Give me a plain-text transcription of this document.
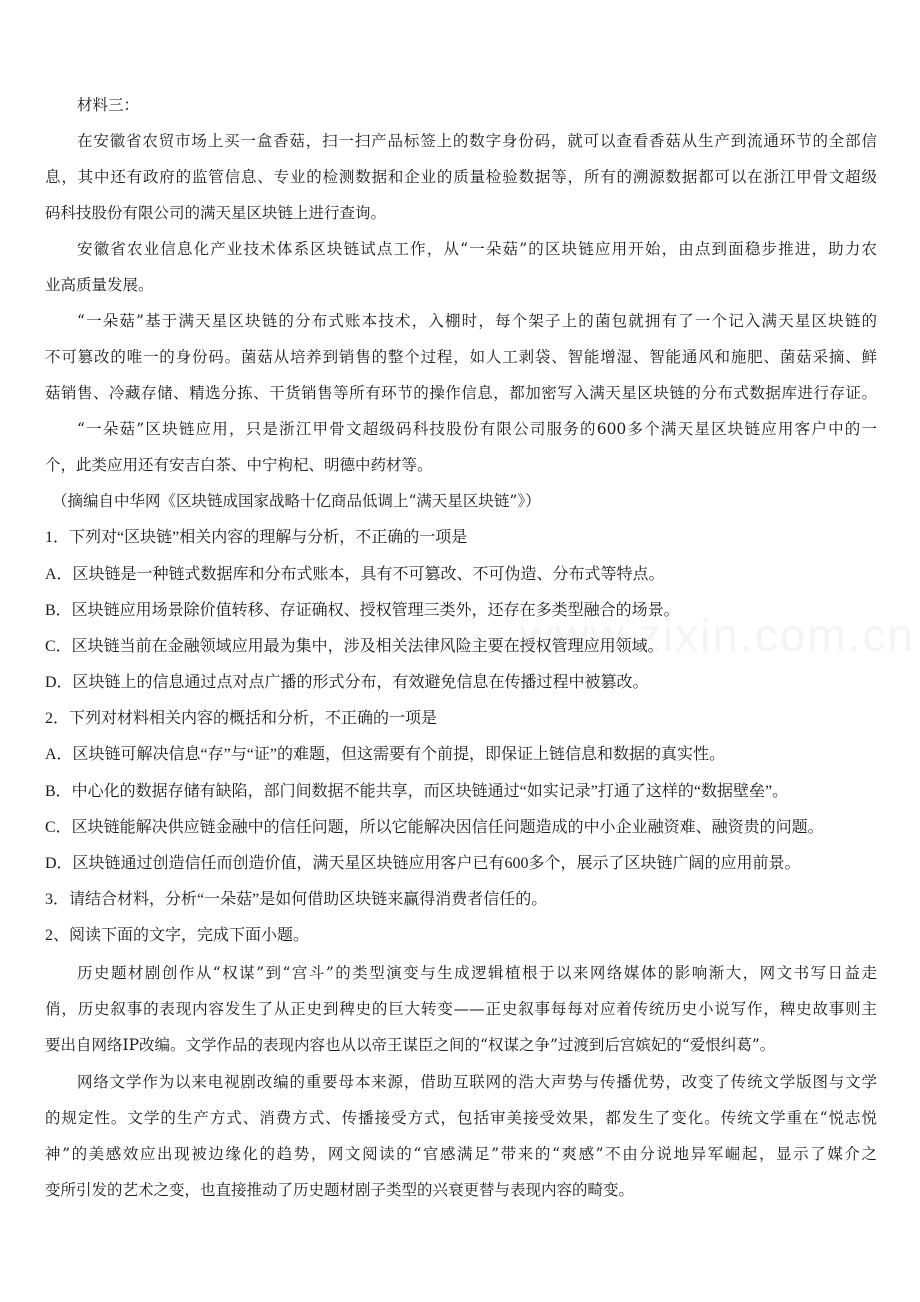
www.zixin.com.cn
材料三：
在安徽省农贸市场上买一盒香菇，扫一扫产品标签上的数字身份码，就可以查看香菇从生产到流通环节的全部信
息，其中还有政府的监管信息、专业的检测数据和企业的质量检验数据等，所有的溯源数据都可以在浙江甲骨文超级
码科技股份有限公司的满天星区块链上进行查询。
安徽省农业信息化产业技术体系区块链试点工作，从“一朵菇”的区块链应用开始，由点到面稳步推进，助力农
业高质量发展。
“一朵菇”基于满天星区块链的分布式账本技术，入棚时，每个架子上的菌包就拥有了一个记入满天星区块链的
不可篡改的唯一的身份码。菌菇从培养到销售的整个过程，如人工剥袋、智能增湿、智能通风和施肥、菌菇采摘、鲜
菇销售、冷藏存储、精选分拣、干货销售等所有环节的操作信息，都加密写入满天星区块链的分布式数据库进行存证。
“一朵菇”区块链应用，只是浙江甲骨文超级码科技股份有限公司服务的600多个满天星区块链应用客户中的一
个，此类应用还有安吉白茶、中宁枸杞、明德中药材等。
（摘编自中华网《区块链成国家战略十亿商品低调上“满天星区块链”》）
1．下列对“区块链”相关内容的理解与分析，不正确的一项是
A．区块链是一种链式数据库和分布式账本，具有不可篡改、不可伪造、分布式等特点。
B．区块链应用场景除价值转移、存证确权、授权管理三类外，还存在多类型融合的场景。
C．区块链当前在金融领域应用最为集中，涉及相关法律风险主要在授权管理应用领域。
D．区块链上的信息通过点对点广播的形式分布，有效避免信息在传播过程中被篡改。
2．下列对材料相关内容的概括和分析，不正确的一项是
A．区块链可解决信息“存”与“证”的难题，但这需要有个前提，即保证上链信息和数据的真实性。
B．中心化的数据存储有缺陷，部门间数据不能共享，而区块链通过“如实记录”打通了这样的“数据壁垒”。
C．区块链能解决供应链金融中的信任问题，所以它能解决因信任问题造成的中小企业融资难、融资贵的问题。
D．区块链通过创造信任而创造价值，满天星区块链应用客户已有600多个，展示了区块链广阔的应用前景。
3．请结合材料，分析“一朵菇”是如何借助区块链来赢得消费者信任的。
2、阅读下面的文字，完成下面小题。
历史题材剧创作从“权谋”到“宫斗”的类型演变与生成逻辑植根于以来网络媒体的影响渐大，网文书写日益走
俏，历史叙事的表现内容发生了从正史到稗史的巨大转变——正史叙事每每对应着传统历史小说写作，稗史故事则主
要出自网络IP改编。文学作品的表现内容也从以帝王谋臣之间的“权谋之争”过渡到后宫嫔妃的“爱恨纠葛”。
网络文学作为以来电视剧改编的重要母本来源，借助互联网的浩大声势与传播优势，改变了传统文学版图与文学
的规定性。文学的生产方式、消费方式、传播接受方式，包括审美接受效果，都发生了变化。传统文学重在“悦志悦
神”的美感效应出现被边缘化的趋势，网文阅读的“官感满足”带来的“爽感”不由分说地异军崛起，显示了媒介之
变所引发的艺术之变，也直接推动了历史题材剧子类型的兴衰更替与表现内容的畸变。
